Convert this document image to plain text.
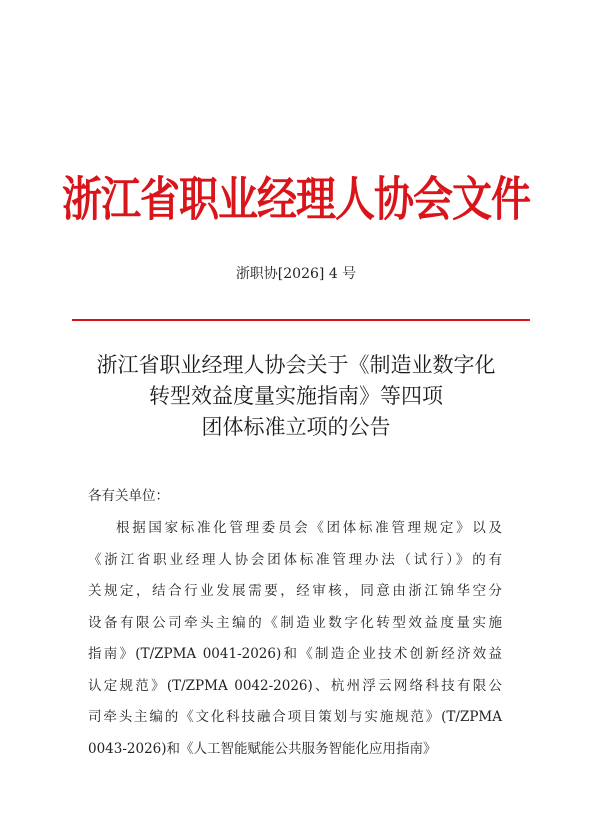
浙江省职业经理人协会文件
浙职协[2026] 4 号
浙江省职业经理人协会关于《制造业数字化
转型效益度量实施指南》等四项
团体标准立项的公告
各有关单位：
根据国家标准化管理委员会《团体标准管理规定》以及
《浙江省职业经理人协会团体标准管理办法（试行）》的有
关规定，结合行业发展需要，经审核，同意由浙江锦华空分
设备有限公司牵头主编的《制造业数字化转型效益度量实施
指南》(T/ZPMA 0041-2026)和《制造企业技术创新经济效益
认定规范》(T/ZPMA 0042-2026)、杭州浮云网络科技有限公
司牵头主编的《文化科技融合项目策划与实施规范》(T/ZPMA
0043-2026)和《人工智能赋能公共服务智能化应用指南》
